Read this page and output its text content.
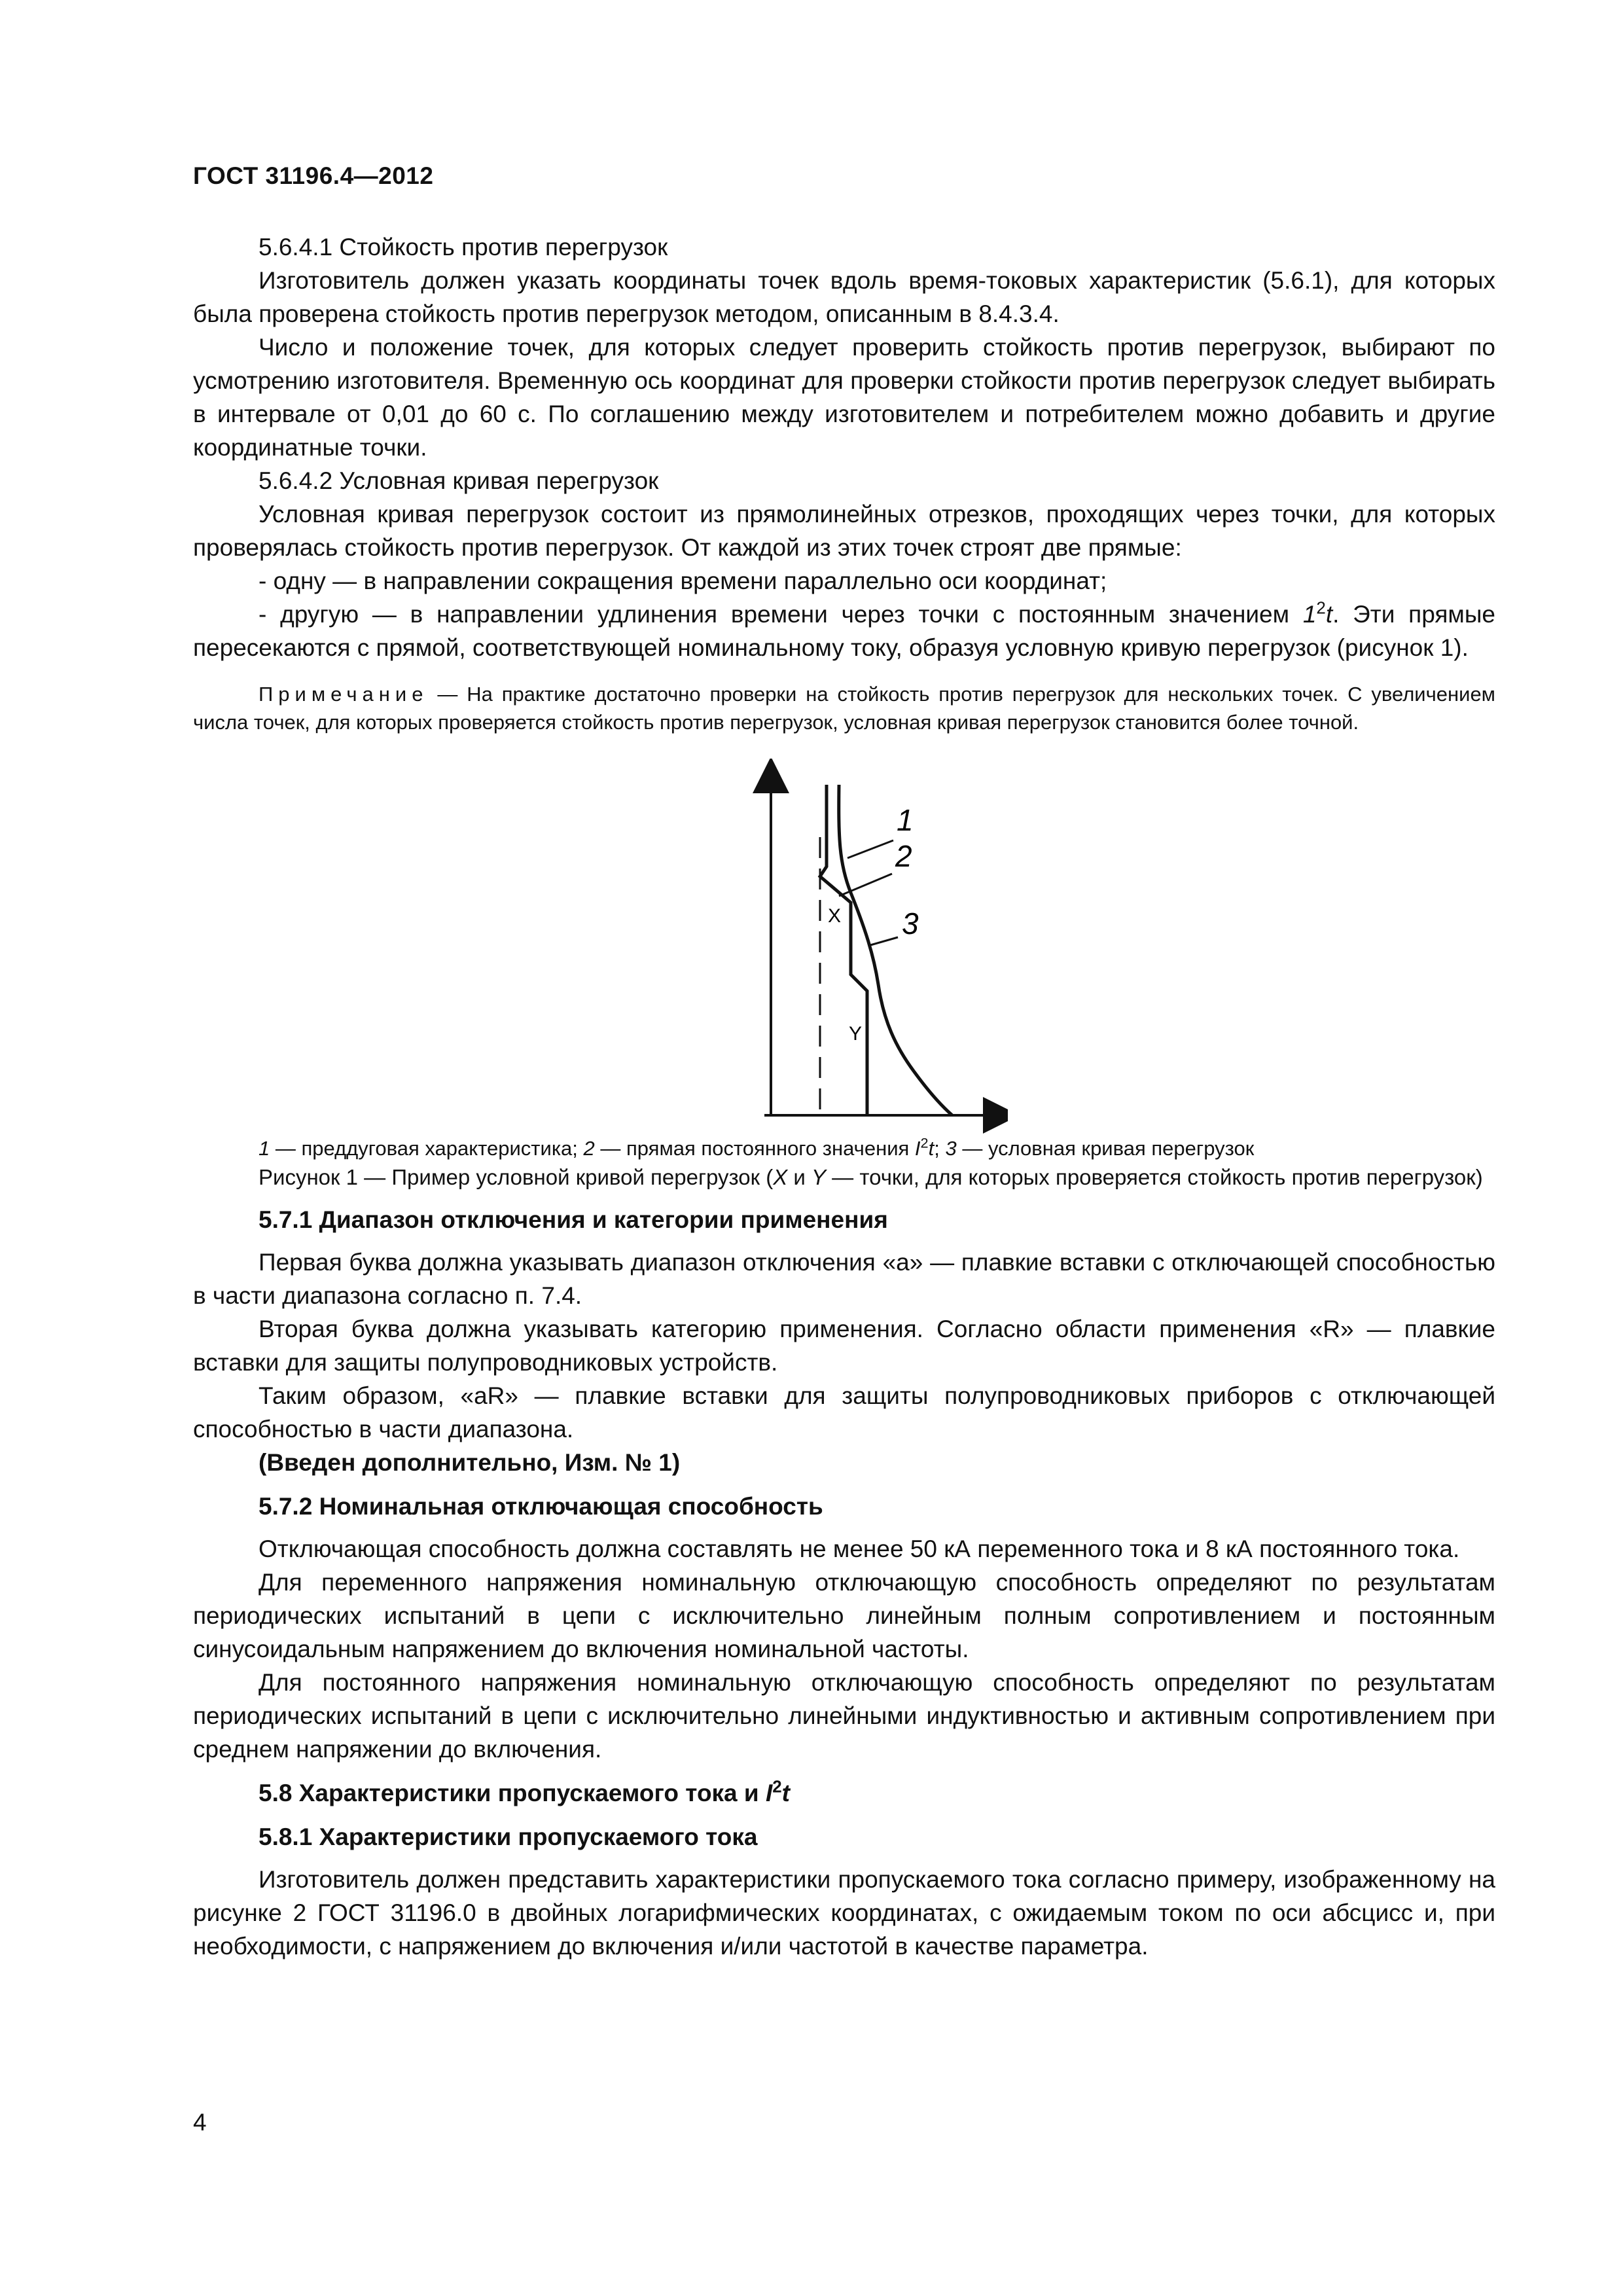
ГОСТ 31196.4—2012

5.6.4.1 Стойкость против перегрузок

Изготовитель должен указать координаты точек вдоль время-токовых характеристик (5.6.1), для которых была проверена стойкость против перегрузок методом, описанным в 8.4.3.4.

Число и положение точек, для которых следует проверить стойкость против перегрузок, выбирают по усмотрению изготовителя. Временную ось координат для проверки стойкости против перегрузок следует выбирать в интервале от 0,01 до 60 с. По соглашению между изготовителем и потребителем можно добавить и другие координатные точки.

5.6.4.2 Условная кривая перегрузок

Условная кривая перегрузок состоит из прямолинейных отрезков, проходящих через точки, для которых проверялась стойкость против перегрузок. От каждой из этих точек строят две прямые:

- одну — в направлении сокращения времени параллельно оси координат;

- другую — в направлении удлинения времени через точки с постоянным значением $1^2t$. Эти прямые пересекаются с прямой, соответствующей номинальному току, образуя условную кривую перегрузок (рисунок 1).

Примечание — На практике достаточно проверки на стойкость против перегрузок для нескольких точек. С увеличением числа точек, для которых проверяется стойкость против перегрузок, условная кривая перегрузок становится более точной.

1
2
3
X
Y

1 — преддуговая характеристика; 2 — прямая постоянного значения $I^2t$; 3 — условная кривая перегрузок

Рисунок 1 — Пример условной кривой перегрузок (X и Y — точки, для которых проверяется стойкость против перегрузок)

5.7.1 Диапазон отключения и категории применения

Первая буква должна указывать диапазон отключения «a» — плавкие вставки с отключающей способностью в части диапазона согласно п. 7.4.

Вторая буква должна указывать категорию применения. Согласно области применения «R» — плавкие вставки для защиты полупроводниковых устройств.

Таким образом, «aR» — плавкие вставки для защиты полупроводниковых приборов с отключающей способностью в части диапазона.

(Введен дополнительно, Изм. № 1)

5.7.2 Номинальная отключающая способность

Отключающая способность должна составлять не менее 50 кА переменного тока и 8 кА постоянного тока.

Для переменного напряжения номинальную отключающую способность определяют по результатам периодических испытаний в цепи с исключительно линейным полным сопротивлением и постоянным синусоидальным напряжением до включения номинальной частоты.

Для постоянного напряжения номинальную отключающую способность определяют по результатам периодических испытаний в цепи с исключительно линейными индуктивностью и активным сопротивлением при среднем напряжении до включения.

5.8 Характеристики пропускаемого тока и $I^2t$

5.8.1 Характеристики пропускаемого тока

Изготовитель должен представить характеристики пропускаемого тока согласно примеру, изображенному на рисунке 2 ГОСТ 31196.0 в двойных логарифмических координатах, с ожидаемым током по оси абсцисс и, при необходимости, с напряжением до включения и/или частотой в качестве параметра.

4
